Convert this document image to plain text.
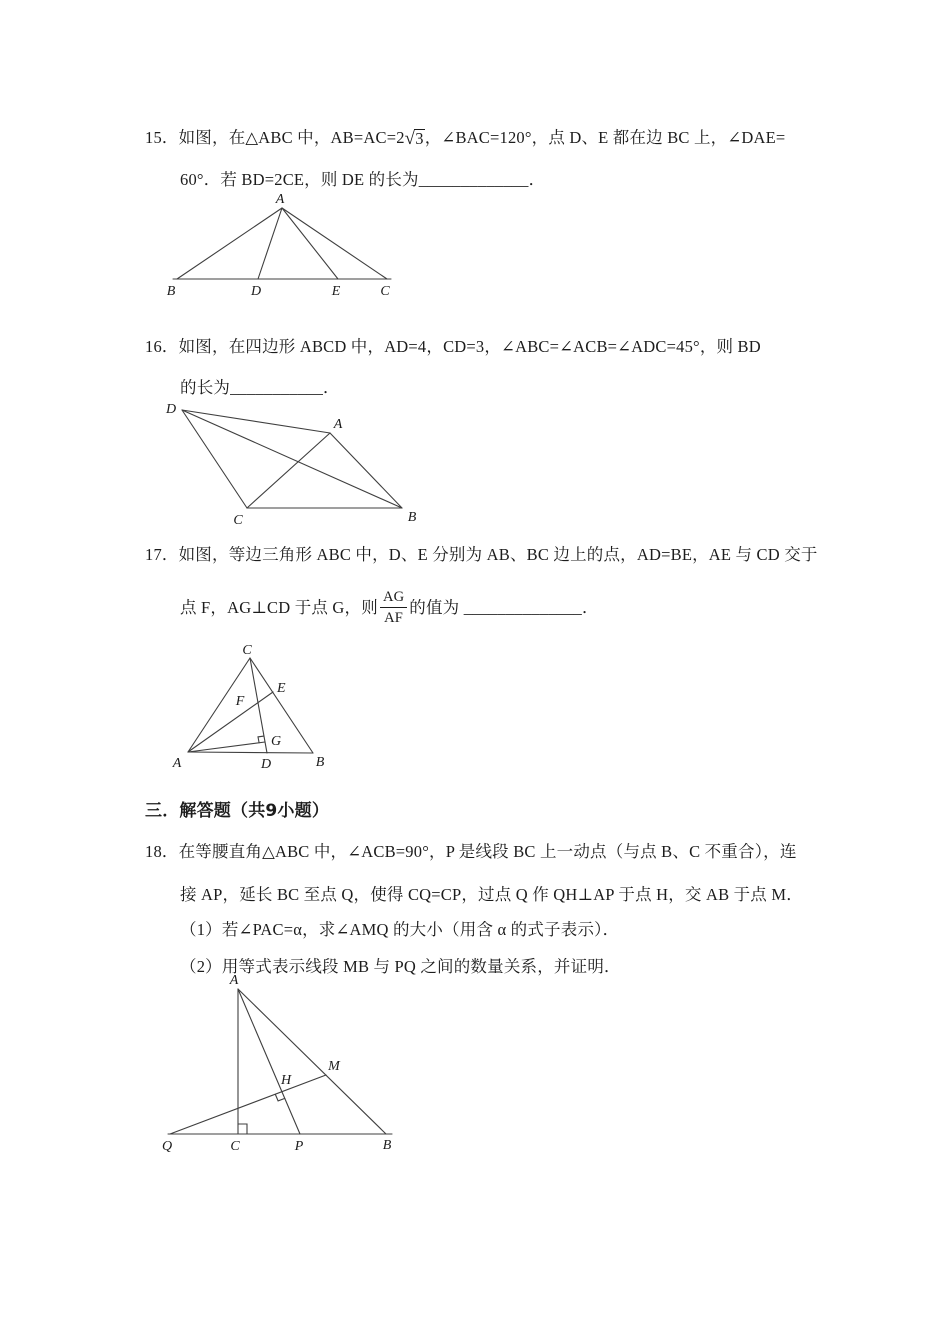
15．如图，在△ABC 中，AB=AC=2 √ 3 ，∠BAC=120°，点 D、E 都在边 BC 上，∠DAE=
60°．若 BD=2CE，则 DE 的长为_____________．
A
B	D	E	C
16．如图，在四边形 ABCD 中，AD=4，CD=3，∠ABC=∠ACB=∠ADC=45°，则 BD
的长为___________．
D
A
C	B
17．如图，等边三角形 ABC 中，D、E 分别为 AB、BC 边上的点，AD=BE，AE 与 CD 交于
点 F，AG⊥CD 于点 G，则 $\frac{AG}{AF}$ 的值为 ______________．
C
E
F
G
A	D	B
三．解答题（共9小题）
18．在等腰直角△ABC 中，∠ACB=90°，P 是线段 BC 上一动点（与点 B、C 不重合），连
接 AP，延长 BC 至点 Q，使得 CQ=CP，过点 Q 作 QH⊥AP 于点 H，交 AB 于点 M．
（1）若∠PAC=α，求∠AMQ 的大小（用含 α 的式子表示）．
（2）用等式表示线段 MB 与 PQ 之间的数量关系，并证明．
A
Q	C	P	B
H
M
